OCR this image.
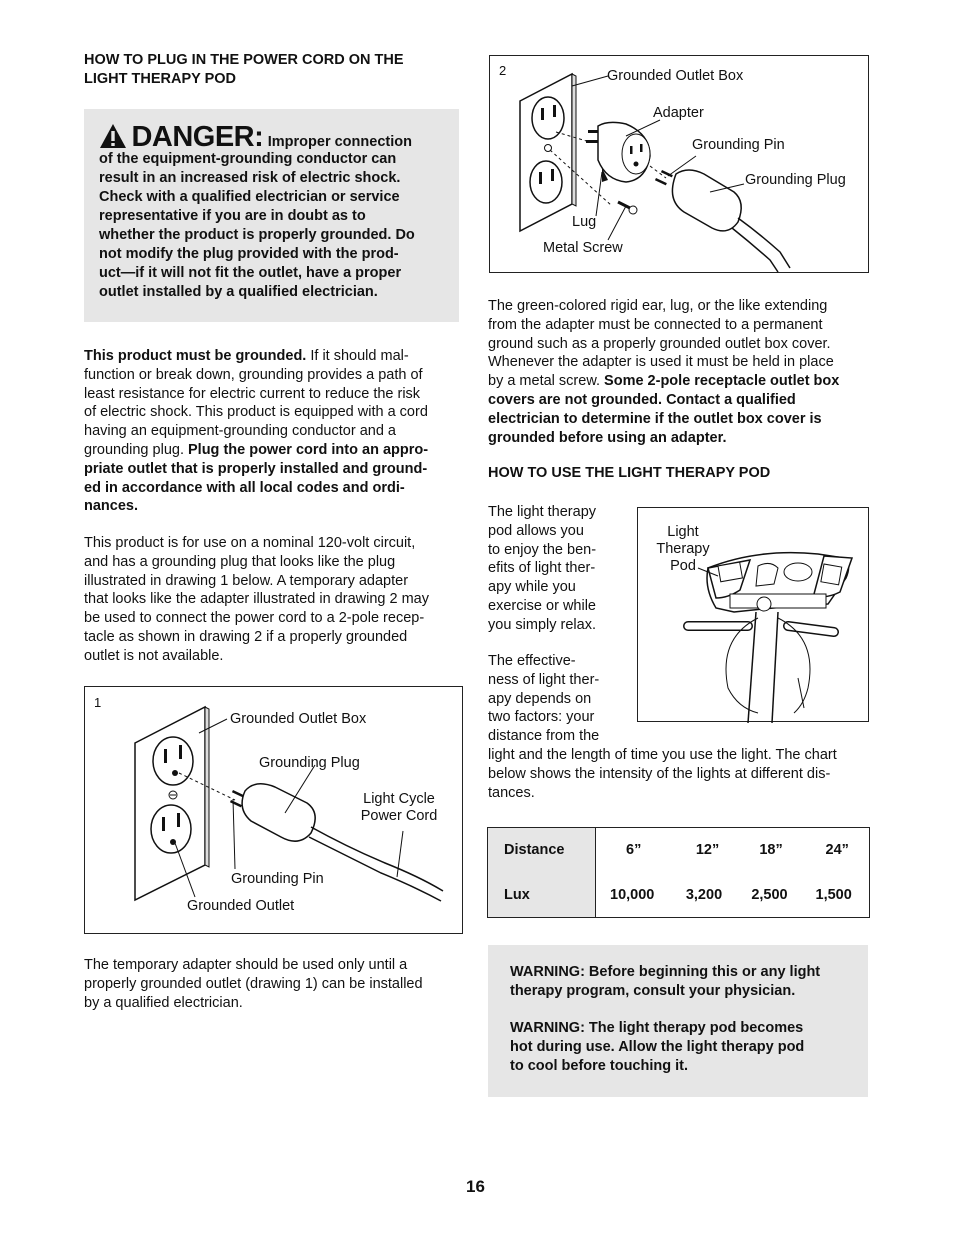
HOW TO PLUG IN THE POWER CORD ON THE
LIGHT THERAPY POD
DANGER: Improper connection
of the equipment-grounding conductor can
result in an increased risk of electric shock.
Check with a qualified electrician or service
representative if you are in doubt as to
whether the product is properly grounded. Do
not modify the plug provided with the prod-
uct—if it will not fit the outlet, have a proper
outlet installed by a qualified electrician.
This product must be grounded. If it should mal-
function or break down, grounding provides a path of
least resistance for electric current to reduce the risk
of electric shock. This product is equipped with a cord
having an equipment-grounding conductor and a
grounding plug. Plug the power cord into an appro-
priate outlet that is properly installed and ground-
ed in accordance with all local codes and ordi-
nances.
This product is for use on a nominal 120-volt circuit,
and has a grounding plug that looks like the plug
illustrated in drawing 1 below. A temporary adapter
that looks like the adapter illustrated in drawing 2 may
be used to connect the power cord to a 2-pole recep-
tacle as shown in drawing 2 if a properly grounded
outlet is not available.
1
Grounded Outlet Box
Grounding Plug
Light Cycle
Power Cord
Grounding Pin
Grounded Outlet
The temporary adapter should be used only until a
properly grounded outlet (drawing 1) can be installed
by a qualified electrician.
2	Grounded Outlet Box
Adapter
Grounding Pin
Grounding Plug
Lug
Metal Screw
The green-colored rigid ear, lug, or the like extending
from the adapter must be connected to a permanent
ground such as a properly grounded outlet box cover.
Whenever the adapter is used it must be held in place
by a metal screw. Some 2-pole receptacle outlet box
covers are not grounded. Contact a qualified
electrician to determine if the outlet box cover is
grounded before using an adapter.
HOW TO USE THE LIGHT THERAPY POD
The light therapy
pod allows you
to enjoy the ben-
efits of light ther-
apy while you
exercise or while
you simply relax.
The effective-
ness of light ther-
apy depends on
two factors: your
distance from the
light and the length of time you use the light. The chart
below shows the intensity of the lights at different dis-
tances.
Light
Therapy
Pod
Distance	6”	12”	18”	24”
Lux	10,000	3,200	2,500	1,500
WARNING: Before beginning this or any light
therapy program, consult your physician.
WARNING: The light therapy pod becomes
hot during use. Allow the light therapy pod
to cool before touching it.
16
